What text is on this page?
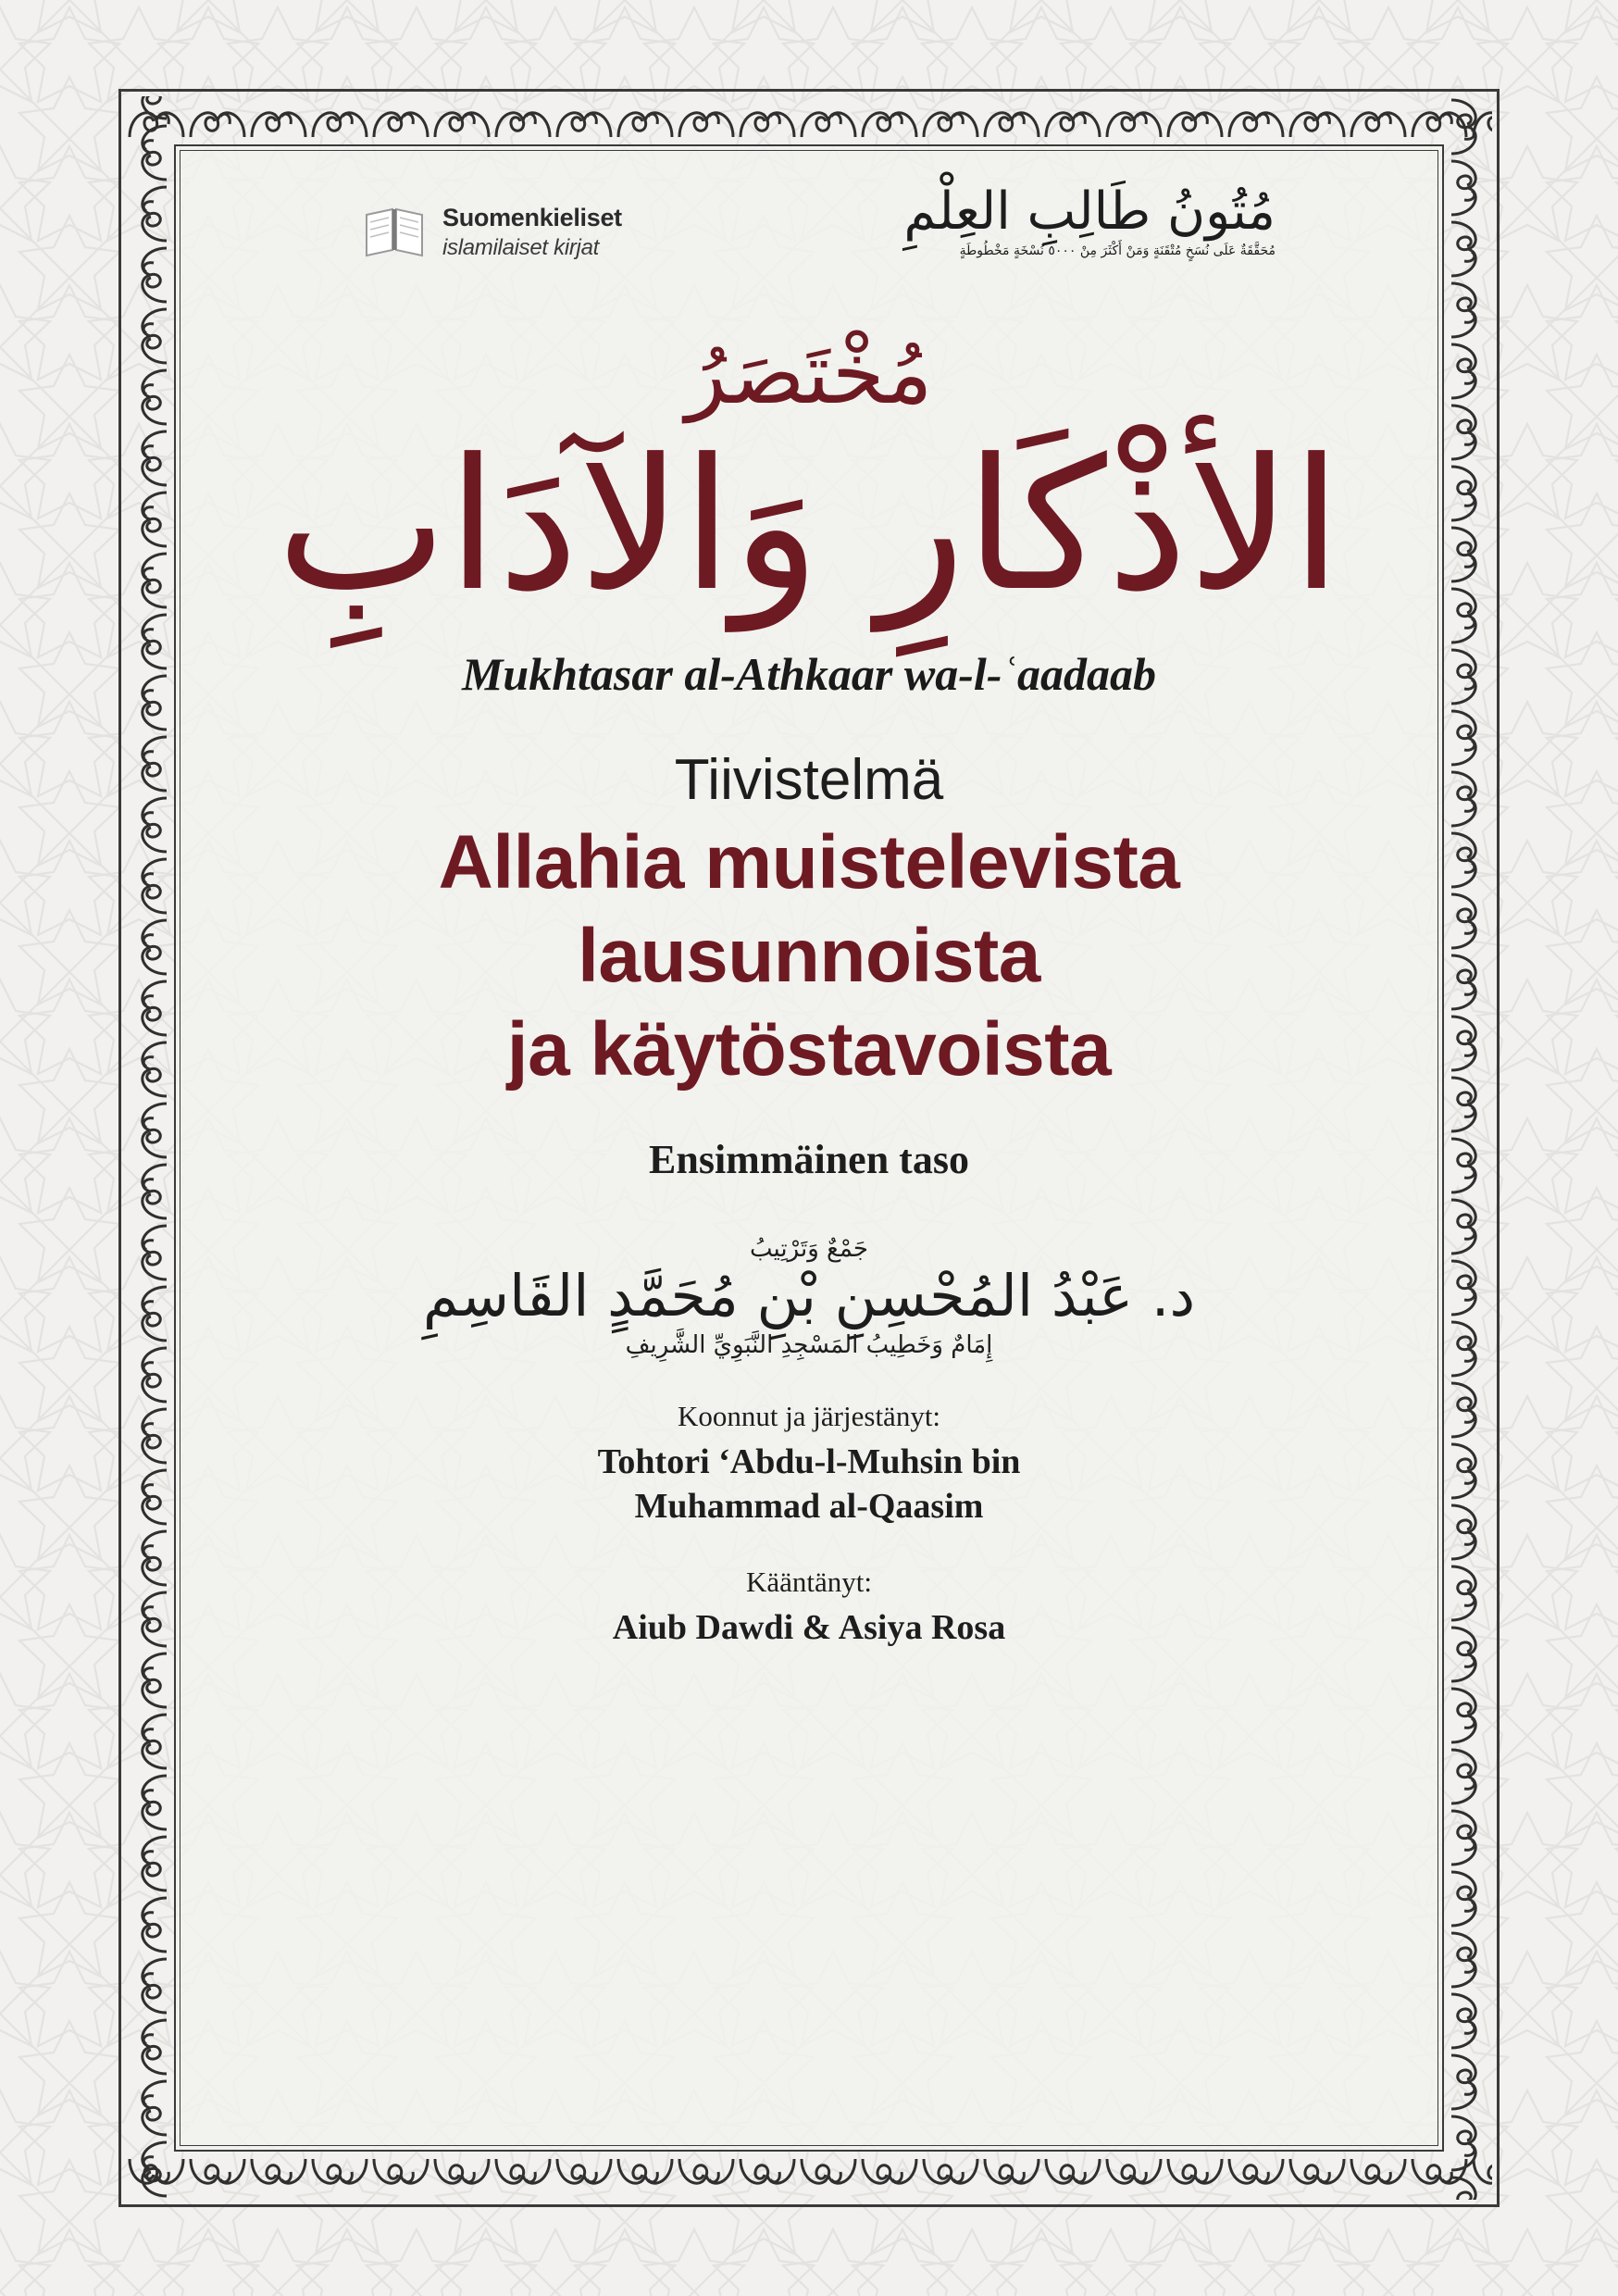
Suomenkieliset
islamilaiset kirjat
مُتُونُ طَالِبِ العِلْمِ
مُحَقَّقَةٌ عَلَى نُسَخٍ مُتْقَنَةٍ وَمَنْ أَكْثَرَ مِنْ ٥٠٠٠ نُسْخَةٍ مَخْطُوطَةٍ
مُخْتَصَرُ
الأذْكَارِ وَالآدَابِ
Mukhtasar al-Athkaar wa-l-ʿaadaab
Tiivistelmä
Allahia muistelevista
lausunnoista
ja käytöstavoista
Ensimmäinen taso
جَمْعٌ وَتَرْتِيبُ
د. عَبْدُ المُحْسِنِ بْنِ مُحَمَّدٍ القَاسِمِ
إِمَامٌ وَخَطِيبُ المَسْجِدِ النَّبَوِيِّ الشَّرِيفِ
Koonnut ja järjestänyt:
Tohtori ‘Abdu-l-Muhsin bin
Muhammad al-Qaasim
Kääntänyt:
Aiub Dawdi & Asiya Rosa
